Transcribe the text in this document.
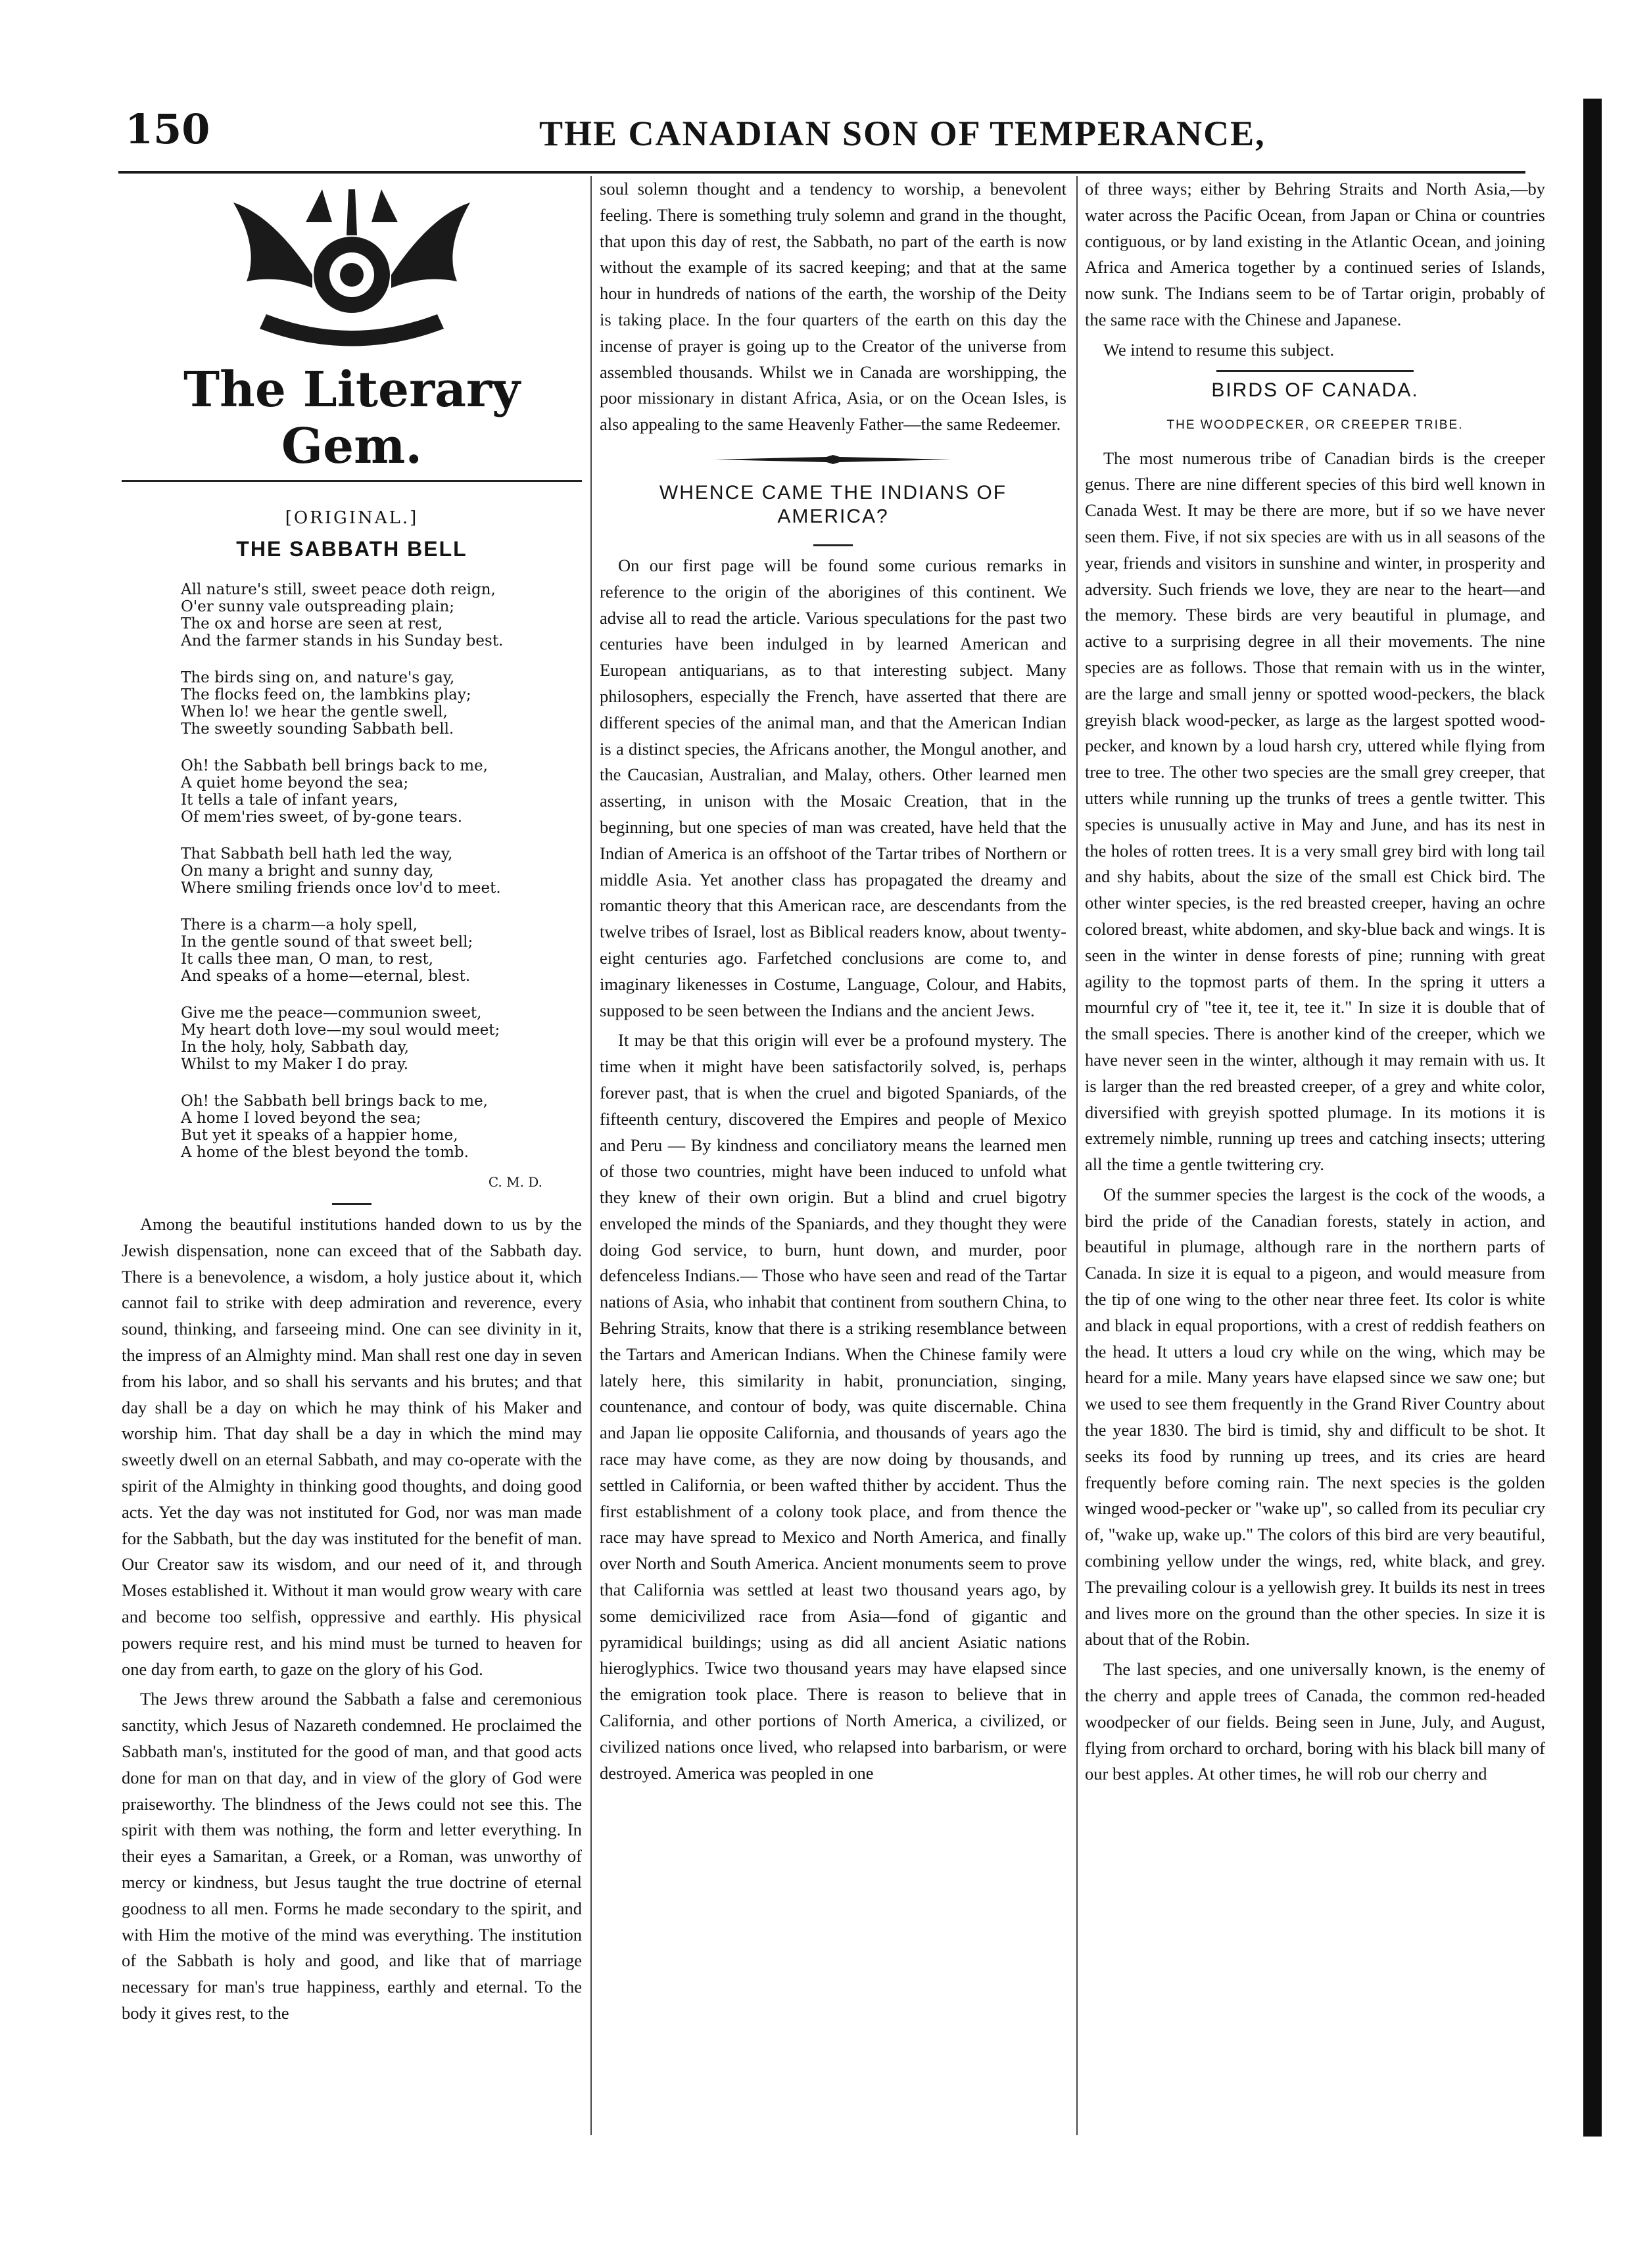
150	THE CANADIAN SON OF TEMPERANCE,
The Literary Gem.
[ORIGINAL.]
THE SABBATH BELL
All nature's still, sweet peace doth reign,
O'er sunny vale outspreading plain;
The ox and horse are seen at rest,
And the farmer stands in his Sunday best.
The birds sing on, and nature's gay,
The flocks feed on, the lambkins play;
When lo! we hear the gentle swell,
The sweetly sounding Sabbath bell.
Oh! the Sabbath bell brings back to me,
A quiet home beyond the sea;
It tells a tale of infant years,
Of mem'ries sweet, of by-gone tears.
That Sabbath bell hath led the way,
On many a bright and sunny day,
Where smiling friends once lov'd to meet.
There is a charm—a holy spell,
In the gentle sound of that sweet bell;
It calls thee man, O man, to rest,
And speaks of a home—eternal, blest.
Give me the peace—communion sweet,
My heart doth love—my soul would meet;
In the holy, holy, Sabbath day,
Whilst to my Maker I do pray.
Oh! the Sabbath bell brings back to me,
A home I loved beyond the sea;
But yet it speaks of a happier home,
A home of the blest beyond the tomb.
C. M. D.

Among the beautiful institutions handed down to us by the Jewish dispensation, none can exceed that of the Sabbath day. There is a benevolence, a wisdom, a holy justice about it, which cannot fail to strike with deep admiration and reverence, every sound, thinking, and farseeing mind. One can see divinity in it, the impress of an Almighty mind. Man shall rest one day in seven from his labor, and so shall his servants and his brutes; and that day shall be a day on which he may think of his Maker and worship him. That day shall be a day in which the mind may sweetly dwell on an eternal Sabbath, and may co-operate with the spirit of the Almighty in thinking good thoughts, and doing good acts. Yet the day was not instituted for God, nor was man made for the Sabbath, but the day was instituted for the benefit of man. Our Creator saw its wisdom, and our need of it, and through Moses established it. Without it man would grow weary with care and become too selfish, oppressive and earthly. His physical powers require rest, and his mind must be turned to heaven for one day from earth, to gaze on the glory of his God.

The Jews threw around the Sabbath a false and ceremonious sanctity, which Jesus of Nazareth condemned. He proclaimed the Sabbath man's, instituted for the good of man, and that good acts done for man on that day, and in view of the glory of God were praiseworthy. The blindness of the Jews could not see this. The spirit with them was nothing, the form and letter everything. In their eyes a Samaritan, a Greek, or a Roman, was unworthy of mercy or kindness, but Jesus taught the true doctrine of eternal goodness to all men. Forms he made secondary to the spirit, and with Him the motive of the mind was everything. The institution of the Sabbath is holy and good, and like that of marriage necessary for man's true happiness, earthly and eternal. To the body it gives rest, to the

soul solemn thought and a tendency to worship, a benevolent feeling. There is something truly solemn and grand in the thought, that upon this day of rest, the Sabbath, no part of the earth is now without the example of its sacred keeping; and that at the same hour in hundreds of nations of the earth, the worship of the Deity is taking place. In the four quarters of the earth on this day the incense of prayer is going up to the Creator of the universe from assembled thousands. Whilst we in Canada are worshipping, the poor missionary in distant Africa, Asia, or on the Ocean Isles, is also appealing to the same Heavenly Father—the same Redeemer.

WHENCE CAME THE INDIANS OF AMERICA?

On our first page will be found some curious remarks in reference to the origin of the aborigines of this continent. We advise all to read the article. Various speculations for the past two centuries have been indulged in by learned American and European antiquarians, as to that interesting subject. Many philosophers, especially the French, have asserted that there are different species of the animal man, and that the American Indian is a distinct species, the Africans another, the Mongul another, and the Caucasian, Australian, and Malay, others. Other learned men asserting, in unison with the Mosaic Creation, that in the beginning, but one species of man was created, have held that the Indian of America is an offshoot of the Tartar tribes of Northern or middle Asia. Yet another class has propagated the dreamy and romantic theory that this American race, are descendants from the twelve tribes of Israel, lost as Biblical readers know, about twenty-eight centuries ago. Farfetched conclusions are come to, and imaginary likenesses in Costume, Language, Colour, and Habits, supposed to be seen between the Indians and the ancient Jews.

It may be that this origin will ever be a profound mystery. The time when it might have been satisfactorily solved, is, perhaps forever past, that is when the cruel and bigoted Spaniards, of the fifteenth century, discovered the Empires and people of Mexico and Peru — By kindness and conciliatory means the learned men of those two countries, might have been induced to unfold what they knew of their own origin. But a blind and cruel bigotry enveloped the minds of the Spaniards, and they thought they were doing God service, to burn, hunt down, and murder, poor defenceless Indians.— Those who have seen and read of the Tartar nations of Asia, who inhabit that continent from southern China, to Behring Straits, know that there is a striking resemblance between the Tartars and American Indians. When the Chinese family were lately here, this similarity in habit, pronunciation, singing, countenance, and contour of body, was quite discernable. China and Japan lie opposite California, and thousands of years ago the race may have come, as they are now doing by thousands, and settled in California, or been wafted thither by accident. Thus the first establishment of a colony took place, and from thence the race may have spread to Mexico and North America, and finally over North and South America. Ancient monuments seem to prove that California was settled at least two thousand years ago, by some demicivilized race from Asia—fond of gigantic and pyramidical buildings; using as did all ancient Asiatic nations hieroglyphics. Twice two thousand years may have elapsed since the emigration took place. There is reason to believe that in California, and other portions of North America, a civilized, or civilized nations once lived, who relapsed into barbarism, or were destroyed. America was peopled in one

of three ways; either by Behring Straits and North Asia,—by water across the Pacific Ocean, from Japan or China or countries contiguous, or by land existing in the Atlantic Ocean, and joining Africa and America together by a continued series of Islands, now sunk. The Indians seem to be of Tartar origin, probably of the same race with the Chinese and Japanese.

We intend to resume this subject.

BIRDS OF CANADA.
THE WOODPECKER, OR CREEPER TRIBE.

The most numerous tribe of Canadian birds is the creeper genus. There are nine different species of this bird well known in Canada West. It may be there are more, but if so we have never seen them. Five, if not six species are with us in all seasons of the year, friends and visitors in sunshine and winter, in prosperity and adversity. Such friends we love, they are near to the heart—and the memory. These birds are very beautiful in plumage, and active to a surprising degree in all their movements. The nine species are as follows. Those that remain with us in the winter, are the large and small jenny or spotted wood-peckers, the black greyish black wood-pecker, as large as the largest spotted wood-pecker, and known by a loud harsh cry, uttered while flying from tree to tree. The other two species are the small grey creeper, that utters while running up the trunks of trees a gentle twitter. This species is unusually active in May and June, and has its nest in the holes of rotten trees. It is a very small grey bird with long tail and shy habits, about the size of the small est Chick bird. The other winter species, is the red breasted creeper, having an ochre colored breast, white abdomen, and sky-blue back and wings. It is seen in the winter in dense forests of pine; running with great agility to the topmost parts of them. In the spring it utters a mournful cry of "tee it, tee it, tee it." In size it is double that of the small species. There is another kind of the creeper, which we have never seen in the winter, although it may remain with us. It is larger than the red breasted creeper, of a grey and white color, diversified with greyish spotted plumage. In its motions it is extremely nimble, running up trees and catching insects; uttering all the time a gentle twittering cry.

Of the summer species the largest is the cock of the woods, a bird the pride of the Canadian forests, stately in action, and beautiful in plumage, although rare in the northern parts of Canada. In size it is equal to a pigeon, and would measure from the tip of one wing to the other near three feet. Its color is white and black in equal proportions, with a crest of reddish feathers on the head. It utters a loud cry while on the wing, which may be heard for a mile. Many years have elapsed since we saw one; but we used to see them frequently in the Grand River Country about the year 1830. The bird is timid, shy and difficult to be shot. It seeks its food by running up trees, and its cries are heard frequently before coming rain. The next species is the golden winged wood-pecker or "wake up", so called from its peculiar cry of, "wake up, wake up." The colors of this bird are very beautiful, combining yellow under the wings, red, white black, and grey. The prevailing colour is a yellowish grey. It builds its nest in trees and lives more on the ground than the other species. In size it is about that of the Robin.

The last species, and one universally known, is the enemy of the cherry and apple trees of Canada, the common red-headed woodpecker of our fields. Being seen in June, July, and August, flying from orchard to orchard, boring with his black bill many of our best apples. At other times, he will rob our cherry and
